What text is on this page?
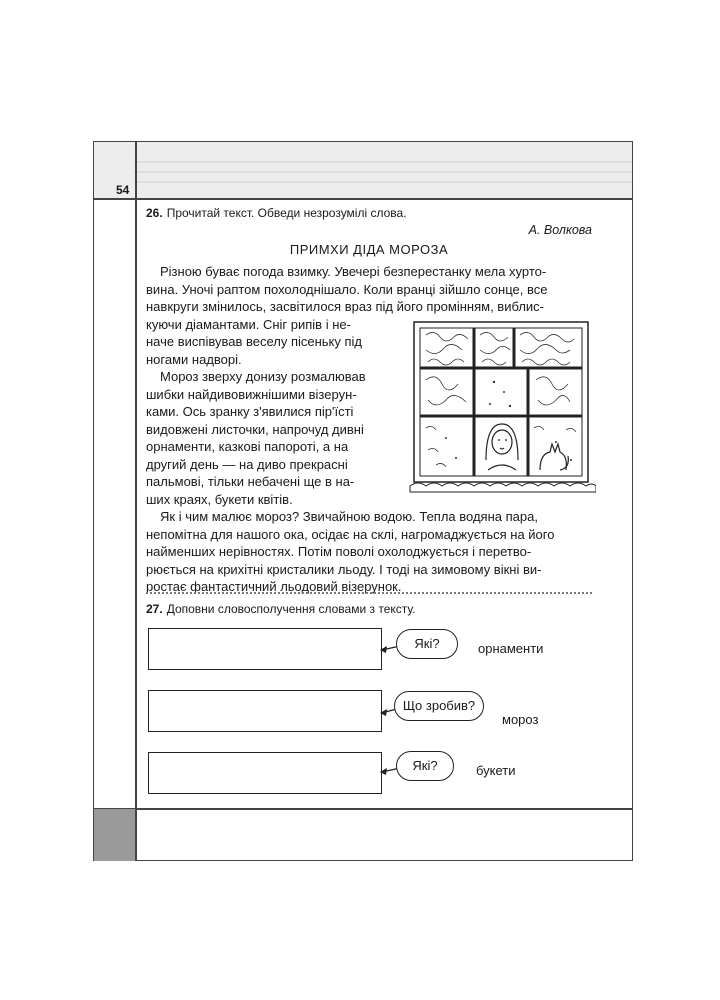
54
26. Прочитай текст. Обведи незрозумілі слова.
А. Волкова
ПРИМХИ ДІДА МОРОЗА

Різною буває погода взимку. Увечері безперестанку мела хурто-
вина. Уночі раптом похолоднішало. Коли вранці зійшло сонце, все
навкруги змінилось, засвітилося враз під його промінням, виблис-

куючи діамантами. Сніг рипів і не-
наче виспівував веселу пісеньку під
ногами надворі.

Мороз зверху донизу розмалював
шибки найдивовижнішими візерун-
ками. Ось зранку з'явилися пір'їсті
видовжені листочки, напрочуд дивні
орнаменти, казкові папороті, а на
другий день — на диво прекрасні
пальмові, тільки небачені ще в на-
ших краях, букети квітів.

Як і чим малює мороз? Звичайною водою. Тепла водяна пара,
непомітна для нашого ока, осідає на склі, нагромаджується на його
найменших нерівностях. Потім поволі охолоджується і перетво-
рюється на крихітні кристалики льоду. І тоді на зимовому вікні ви-
ростає фантастичний льодовий візерунок.

27. Доповни словосполучення словами з тексту.
Які?	орнаменти
Що зробив?
мороз
Які?	букети
